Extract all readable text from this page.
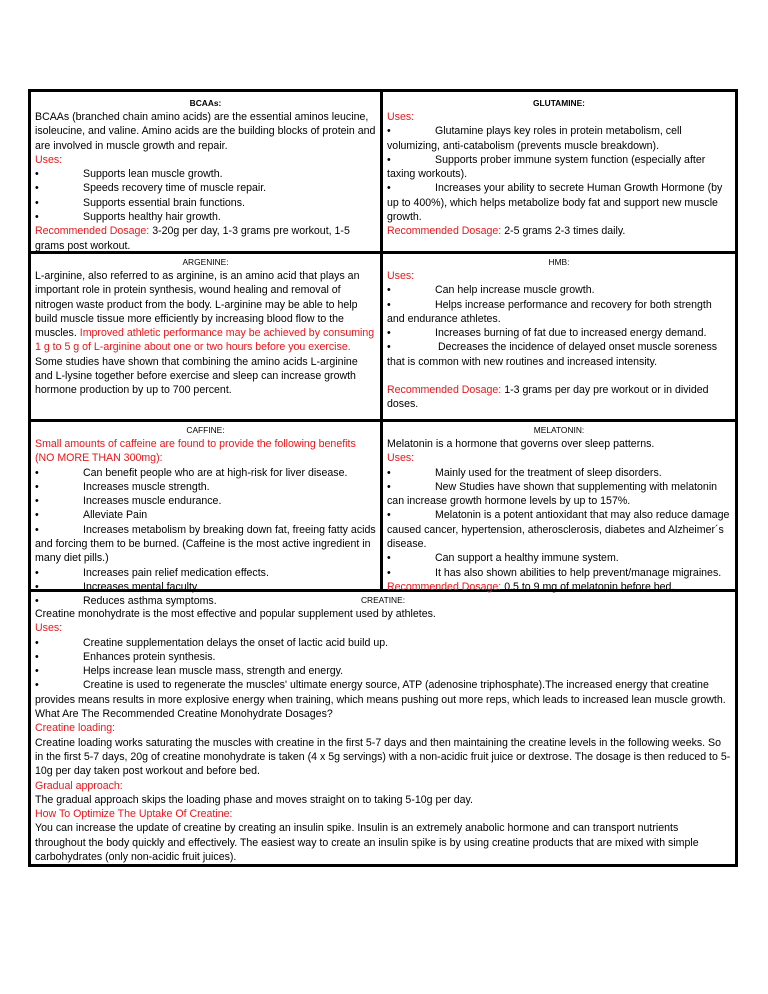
BCAAs:

BCAAs (branched chain amino acids) are the essential aminos leucine, isoleucine, and valine. Amino acids are the building blocks of protein and are involved in muscle growth and repair.

Uses:

•	Supports lean muscle growth.
•	Speeds recovery time of muscle repair.
•	Supports essential brain functions.
•	Supports healthy hair growth.

Recommended Dosage: 3-20g per day, 1-3 grams pre workout, 1-5 grams post workout.

GLUTAMINE:

Uses:

•	Glutamine plays key roles in protein metabolism, cell volumizing, anti-catabolism (prevents muscle breakdown).

•	Supports prober immune system function (especially after taxing workouts).

•	Increases your ability to secrete Human Growth Hormone (by up to 400%), which helps metabolize body fat and support new muscle growth.

Recommended Dosage: 2-5 grams 2-3 times daily.

ARGENINE:

L-arginine, also referred to as arginine, is an amino acid that plays an important role in protein synthesis, wound healing and removal of nitrogen waste product from the body. L-arginine may be able to help build muscle tissue more efficiently by increasing blood flow to the muscles. Improved athletic performance may be achieved by consuming 1 g to 5 g of L-arginine about one or two hours before you exercise.

Some studies have shown that combining the amino acids L-arginine and L-lysine together before exercise and sleep can increase growth hormone production by up to 700 percent.

HMB:

Uses:

•	Can help increase muscle growth.

•	Helps increase performance and recovery for both strength and endurance athletes.

•	Increases burning of fat due to increased energy demand.

•	Decreases the incidence of delayed onset muscle soreness that is common with new routines and increased intensity.

Recommended Dosage: 1-3 grams per day pre workout or in divided doses.

CAFFINE:

Small amounts of caffeine are found to provide the following benefits (NO MORE THAN 300mg):

•	Can benefit people who are at high-risk for liver disease.
•	Increases muscle strength.
•	Increases muscle endurance.
•	Alleviate Pain

•	Increases metabolism by breaking down fat, freeing fatty acids and forcing them to be burned. (Caffeine is the most active ingredient in many diet pills.)

•	Increases pain relief medication effects.
•	Increases mental faculty.
•	Reduces asthma symptoms.
MELATONIN:

Melatonin is a hormone that governs over sleep patterns.

Uses:

•	Mainly used for the treatment of sleep disorders.

•	New Studies have shown that supplementing with melatonin can increase growth hormone levels by up to 157%.

•	Melatonin is a potent antioxidant that may also reduce damage caused cancer, hypertension, atherosclerosis, diabetes and Alzheimer´s disease.

•	Can support a healthy immune system.

•	It has also shown abilities to help prevent/manage migraines.

Recommended Dosage: 0.5 to 9 mg of melatonin before bed.

CREATINE:

Creatine monohydrate is the most effective and popular supplement used by athletes.

Uses:

•	Creatine supplementation delays the onset of lactic acid build up.
•	Enhances protein synthesis.
•	Helps increase lean muscle mass, strength and energy.

•	Creatine is used to regenerate the muscles' ultimate energy source, ATP (adenosine triphosphate).The increased energy that creatine provides means results in more explosive energy when training, which means pushing out more reps, which leads to increased lean muscle growth.

What Are The Recommended Creatine Monohydrate Dosages?

Creatine loading:

Creatine loading works saturating the muscles with creatine in the first 5-7 days and then maintaining the creatine levels in the following weeks. So in the first 5-7 days, 20g of creatine monohydrate is taken (4 x 5g servings) with a non-acidic fruit juice or dextrose. The dosage is then reduced to 5-10g per day taken post workout and before bed.

Gradual approach:

The gradual approach skips the loading phase and moves straight on to taking 5-10g per day.

How To Optimize The Uptake Of Creatine:

You can increase the update of creatine by creating an insulin spike. Insulin is an extremely anabolic hormone and can transport nutrients throughout the body quickly and effectively. The easiest way to create an insulin spike is by using creatine products that are mixed with simple carbohydrates (only non-acidic fruit juices).
